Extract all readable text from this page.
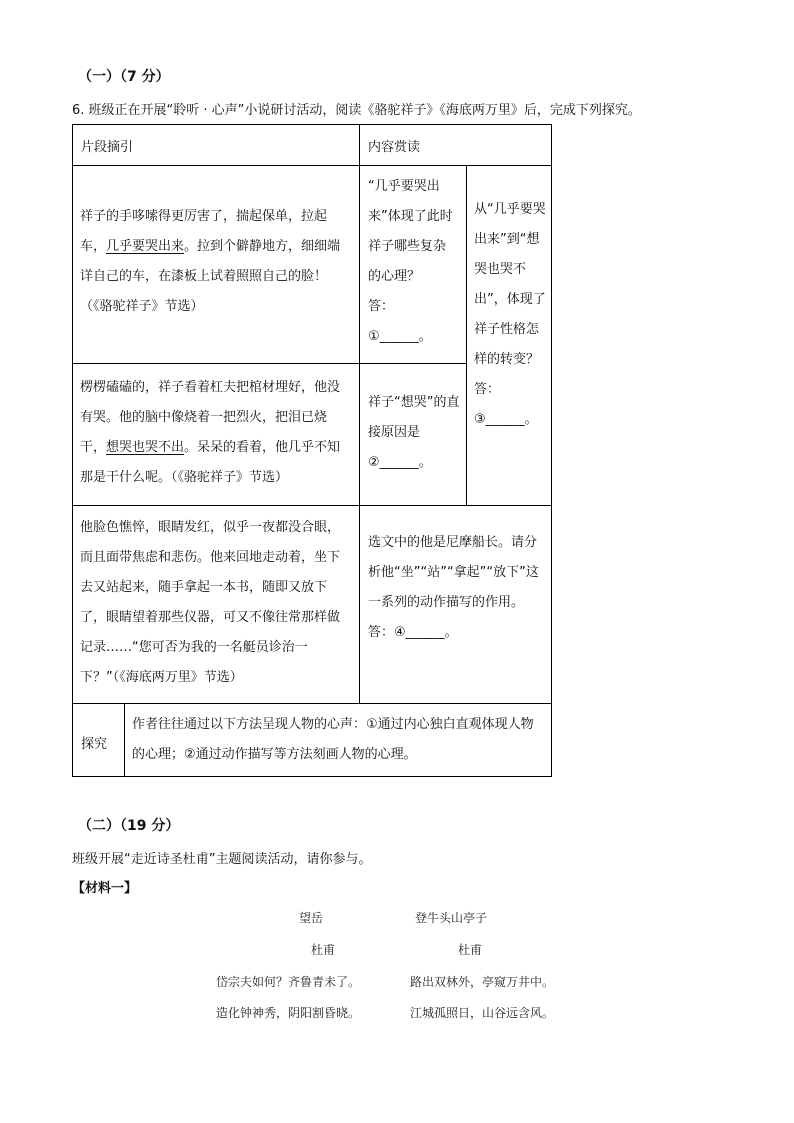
（一）（7 分）
6. 班级正在开展“聆听 · 心声”小说研讨活动，阅读《骆驼祥子》《海底两万里》后，完成下列探究。
片段摘引	内容赏读
祥子的手哆嗦得更厉害了，揣起保单，拉起车，几乎要哭出来。拉到个僻静地方，细细端详自己的车，在漆板上试着照照自己的脸！（《骆驼祥子》节选）
“几乎要哭出来”体现了此时祥子哪些复杂的心理？
答：
①______。
从“几乎要哭出来”到“想哭也哭不出”，体现了祥子性格怎样的转变？
答：
③______。
楞楞磕磕的，祥子看着杠夫把棺材埋好，他没有哭。他的脑中像烧着一把烈火，把泪已烧干，想哭也哭不出。呆呆的看着，他几乎不知那是干什么呢。（《骆驼祥子》节选）
祥子“想哭”的直接原因是
②______。
他脸色憔悴，眼睛发红，似乎一夜都没合眼，而且面带焦虑和悲伤。他来回地走动着，坐下去又站起来，随手拿起一本书，随即又放下了，眼睛望着那些仪器，可又不像往常那样做记录……“您可否为我的一名艇员诊治一下？”（《海底两万里》节选）
选文中的他是尼摩船长。请分析他“坐”“站”“拿起”“放下”这一系列的动作描写的作用。
答：④______。
探究
作者往往通过以下方法呈现人物的心声：①通过内心独白直观体现人物的心理；②通过动作描写等方法刻画人物的心理。
（二）（19 分）
班级开展“走近诗圣杜甫”主题阅读活动，请你参与。
【材料一】
望岳
杜甫
岱宗夫如何？齐鲁青未了。
造化钟神秀，阴阳割昏晓。
登牛头山亭子
杜甫
路出双林外，亭窥万井中。
江城孤照日，山谷远含风。
